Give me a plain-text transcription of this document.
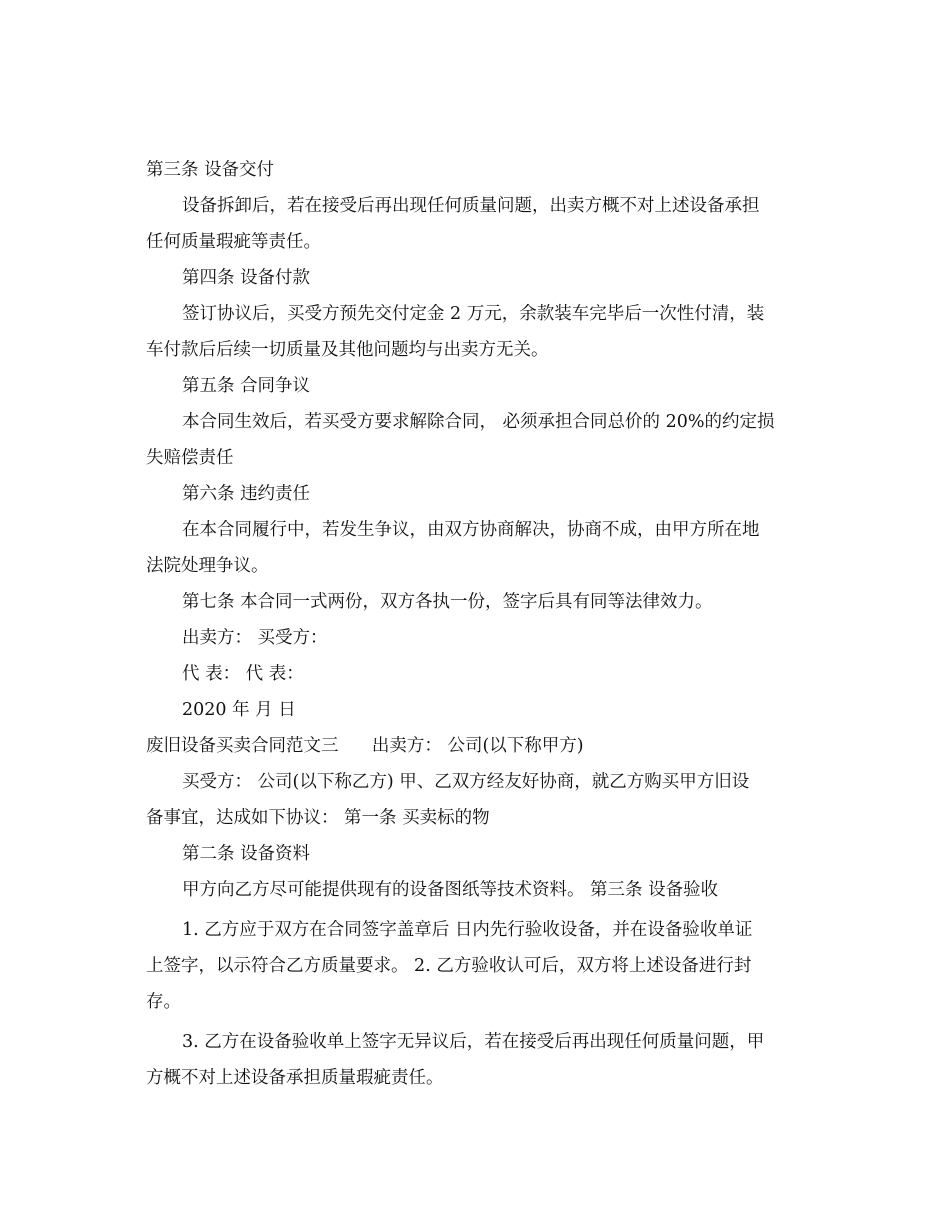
第三条 设备交付
设备拆卸后，若在接受后再出现任何质量问题，出卖方概不对上述设备承担
任何质量瑕疵等责任。
第四条 设备付款
签订协议后，买受方预先交付定金 2 万元，余款装车完毕后一次性付清，装
车付款后后续一切质量及其他问题均与出卖方无关。
第五条 合同争议
本合同生效后，若买受方要求解除合同， 必须承担合同总价的 20%的约定损
失赔偿责任
第六条 违约责任
在本合同履行中，若发生争议，由双方协商解决，协商不成，由甲方所在地
法院处理争议。
第七条 本合同一式两份，双方各执一份，签字后具有同等法律效力。
出卖方： 买受方：
代 表： 代 表：
2020 年 月 日
废旧设备买卖合同范文三      出卖方： 公司(以下称甲方)
买受方： 公司(以下称乙方) 甲、乙双方经友好协商，就乙方购买甲方旧设
备事宜，达成如下协议： 第一条 买卖标的物
第二条 设备资料
甲方向乙方尽可能提供现有的设备图纸等技术资料。 第三条 设备验收
1. 乙方应于双方在合同签字盖章后 日内先行验收设备，并在设备验收单证
上签字，以示符合乙方质量要求。 2. 乙方验收认可后，双方将上述设备进行封
存。
3. 乙方在设备验收单上签字无异议后，若在接受后再出现任何质量问题，甲
方概不对上述设备承担质量瑕疵责任。
